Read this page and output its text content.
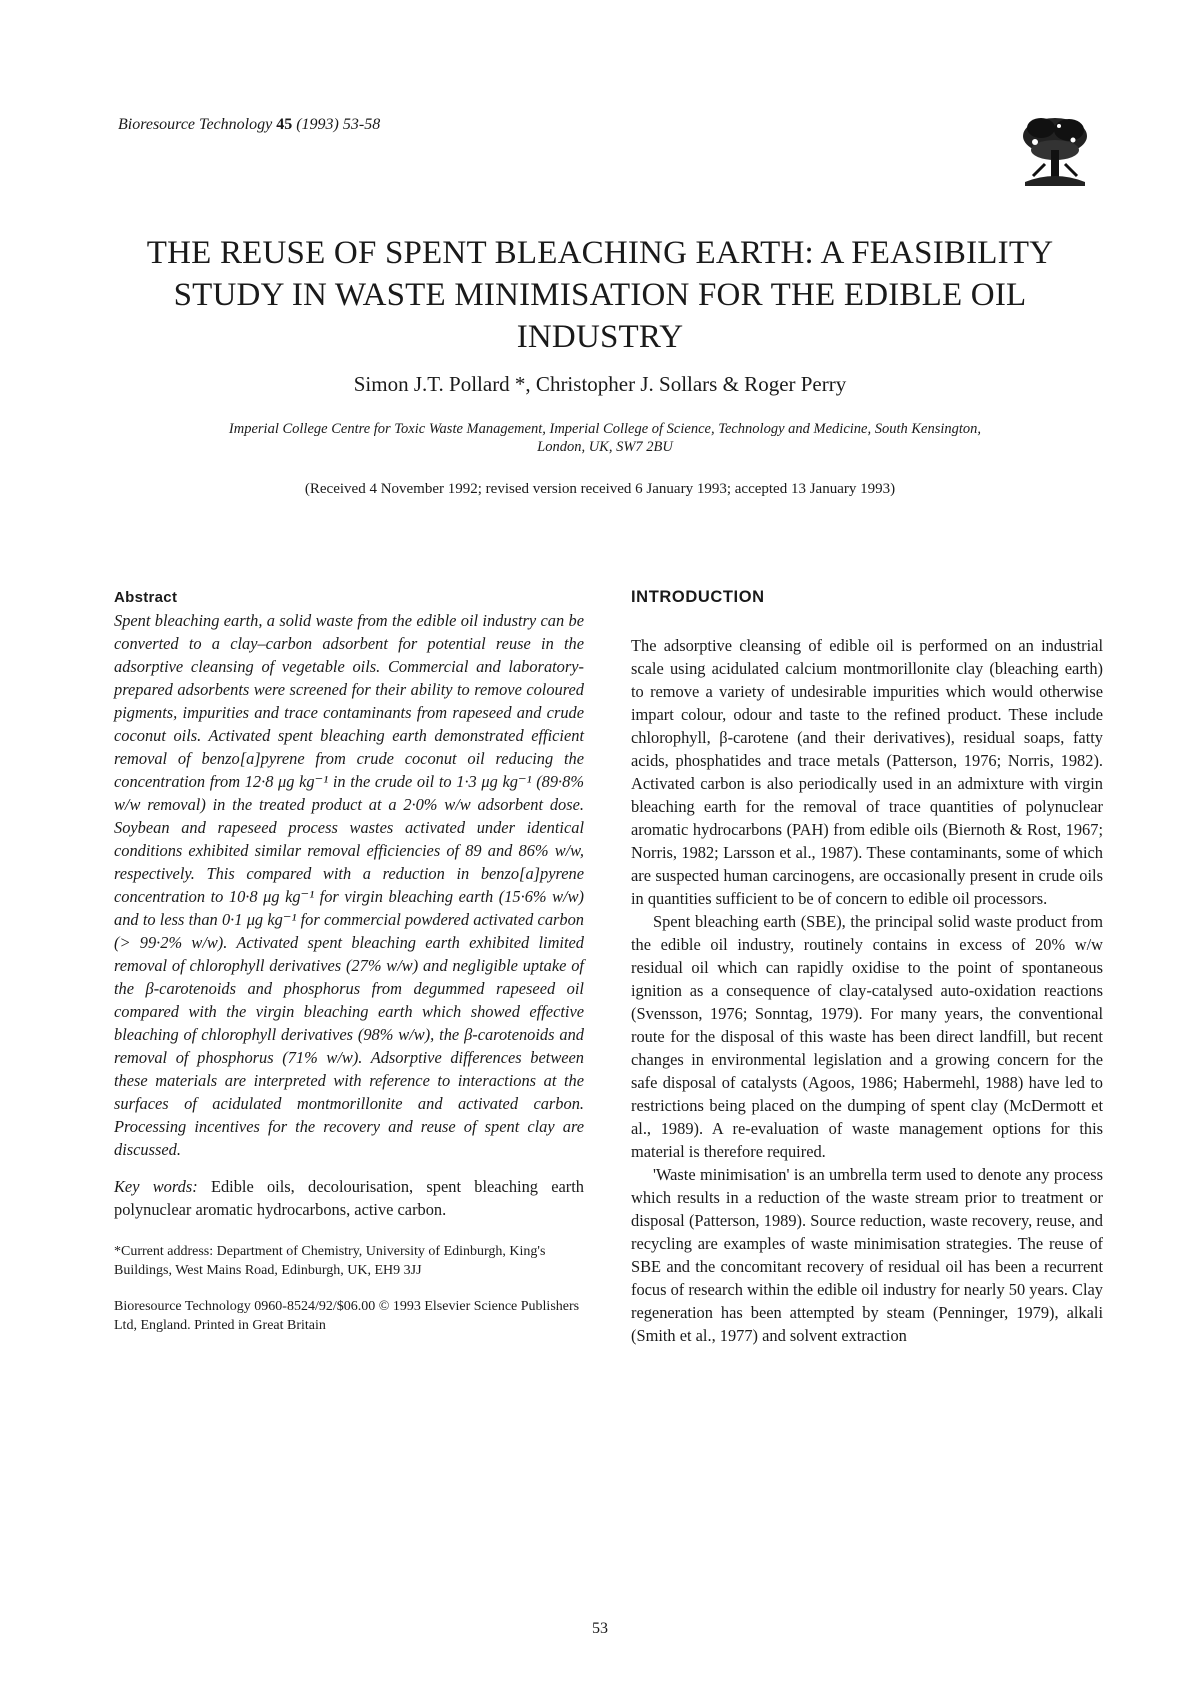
Bioresource Technology 45 (1993) 53-58
THE REUSE OF SPENT BLEACHING EARTH: A FEASIBILITY
STUDY IN WASTE MINIMISATION FOR THE EDIBLE OIL
INDUSTRY
Simon J.T. Pollard *, Christopher J. Sollars & Roger Perry
Imperial College Centre for Toxic Waste Management, Imperial College of Science, Technology and Medicine, South Kensington,
London, UK, SW7 2BU
(Received 4 November 1992; revised version received 6 January 1993; accepted 13 January 1993)
Abstract

Spent bleaching earth, a solid waste from the edible oil industry can be converted to a clay–carbon adsorbent for potential reuse in the adsorptive cleansing of vegetable oils. Commercial and laboratory-prepared adsorbents were screened for their ability to remove coloured pigments, impurities and trace contaminants from rapeseed and crude coconut oils. Activated spent bleaching earth demonstrated efficient removal of benzo[a]pyrene from crude coconut oil reducing the concentration from 12·8 μg kg⁻¹ in the crude oil to 1·3 μg kg⁻¹ (89·8% w/w removal) in the treated product at a 2·0% w/w adsorbent dose. Soybean and rapeseed process wastes activated under identical conditions exhibited similar removal efficiencies of 89 and 86% w/w, respectively. This compared with a reduction in benzo[a]pyrene concentration to 10·8 μg kg⁻¹ for virgin bleaching earth (15·6% w/w) and to less than 0·1 μg kg⁻¹ for commercial powdered activated carbon (> 99·2% w/w). Activated spent bleaching earth exhibited limited removal of chlorophyll derivatives (27% w/w) and negligible uptake of the β-carotenoids and phosphorus from degummed rapeseed oil compared with the virgin bleaching earth which showed effective bleaching of chlorophyll derivatives (98% w/w), the β-carotenoids and removal of phosphorus (71% w/w). Adsorptive differences between these materials are interpreted with reference to interactions at the surfaces of acidulated montmorillonite and activated carbon. Processing incentives for the recovery and reuse of spent clay are discussed.

Key words: Edible oils, decolourisation, spent bleaching earth polynuclear aromatic hydrocarbons, active carbon.
*Current address: Department of Chemistry, University of Edinburgh, King's Buildings, West Mains Road, Edinburgh, UK, EH9 3JJ
Bioresource Technology 0960-8524/92/$06.00 © 1993 Elsevier Science Publishers Ltd, England. Printed in Great Britain
INTRODUCTION

The adsorptive cleansing of edible oil is performed on an industrial scale using acidulated calcium montmorillonite clay (bleaching earth) to remove a variety of undesirable impurities which would otherwise impart colour, odour and taste to the refined product. These include chlorophyll, β-carotene (and their derivatives), residual soaps, fatty acids, phosphatides and trace metals (Patterson, 1976; Norris, 1982). Activated carbon is also periodically used in an admixture with virgin bleaching earth for the removal of trace quantities of polynuclear aromatic hydrocarbons (PAH) from edible oils (Biernoth & Rost, 1967; Norris, 1982; Larsson et al., 1987). These contaminants, some of which are suspected human carcinogens, are occasionally present in crude oils in quantities sufficient to be of concern to edible oil processors.

Spent bleaching earth (SBE), the principal solid waste product from the edible oil industry, routinely contains in excess of 20% w/w residual oil which can rapidly oxidise to the point of spontaneous ignition as a consequence of clay-catalysed auto-oxidation reactions (Svensson, 1976; Sonntag, 1979). For many years, the conventional route for the disposal of this waste has been direct landfill, but recent changes in environmental legislation and a growing concern for the safe disposal of catalysts (Agoos, 1986; Habermehl, 1988) have led to restrictions being placed on the dumping of spent clay (McDermott et al., 1989). A re-evaluation of waste management options for this material is therefore required.

'Waste minimisation' is an umbrella term used to denote any process which results in a reduction of the waste stream prior to treatment or disposal (Patterson, 1989). Source reduction, waste recovery, reuse, and recycling are examples of waste minimisation strategies. The reuse of SBE and the concomitant recovery of residual oil has been a recurrent focus of research within the edible oil industry for nearly 50 years. Clay regeneration has been attempted by steam (Penninger, 1979), alkali (Smith et al., 1977) and solvent extraction

53
